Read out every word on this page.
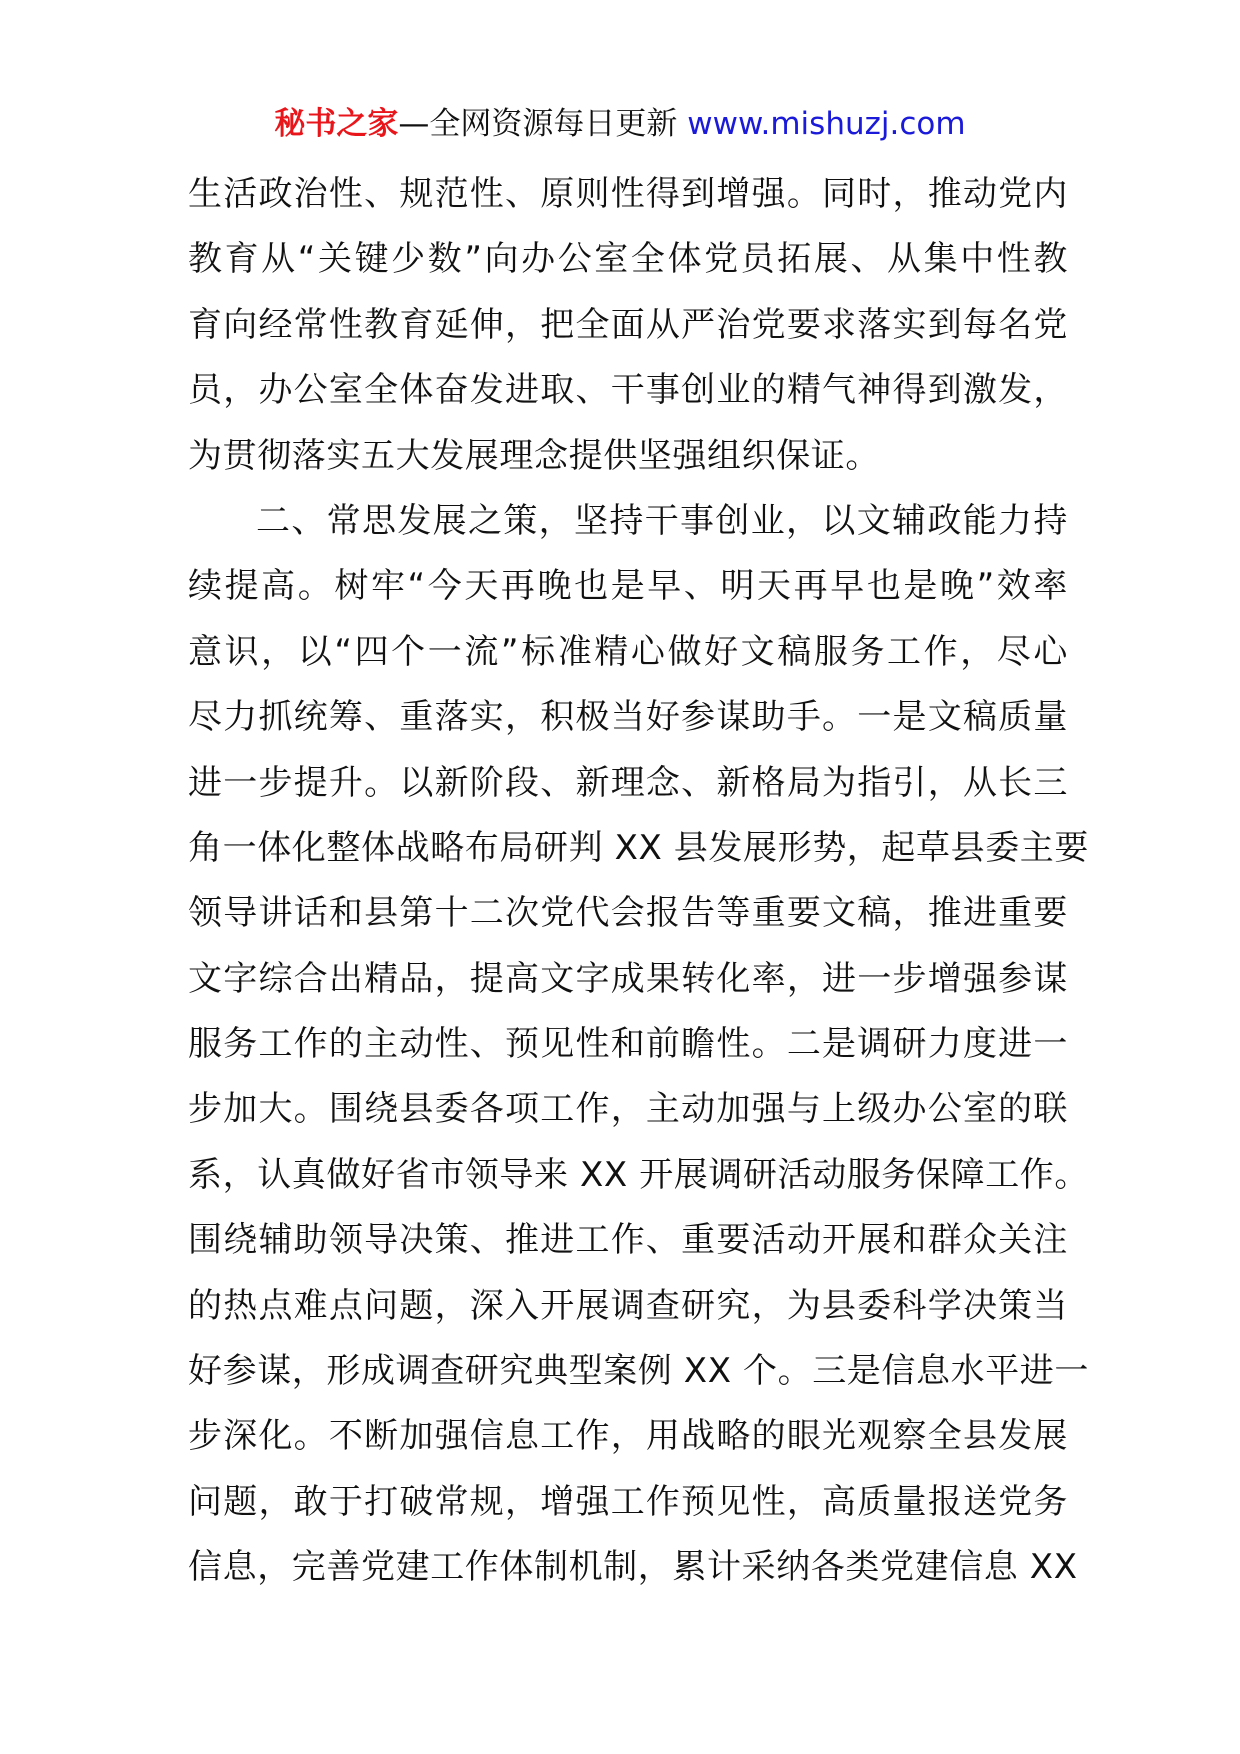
秘书之家—全网资源每日更新 www.mishuzj.com
生活政治性、规范性、原则性得到增强。同时，推动党内
教育从“关键少数”向办公室全体党员拓展、从集中性教
育向经常性教育延伸，把全面从严治党要求落实到每名党
员，办公室全体奋发进取、干事创业的精气神得到激发，
为贯彻落实五大发展理念提供坚强组织保证。
二、常思发展之策，坚持干事创业，以文辅政能力持
续提高。树牢“今天再晚也是早、明天再早也是晚”效率
意识，以“四个一流”标准精心做好文稿服务工作，尽心
尽力抓统筹、重落实，积极当好参谋助手。一是文稿质量
进一步提升。以新阶段、新理念、新格局为指引，从长三
角一体化整体战略布局研判 XX 县发展形势，起草县委主要
领导讲话和县第十二次党代会报告等重要文稿，推进重要
文字综合出精品，提高文字成果转化率，进一步增强参谋
服务工作的主动性、预见性和前瞻性。二是调研力度进一
步加大。围绕县委各项工作，主动加强与上级办公室的联
系，认真做好省市领导来 XX 开展调研活动服务保障工作。
围绕辅助领导决策、推进工作、重要活动开展和群众关注
的热点难点问题，深入开展调查研究，为县委科学决策当
好参谋，形成调查研究典型案例 XX 个。三是信息水平进一
步深化。不断加强信息工作，用战略的眼光观察全县发展
问题，敢于打破常规，增强工作预见性，高质量报送党务
信息，完善党建工作体制机制，累计采纳各类党建信息 XX
